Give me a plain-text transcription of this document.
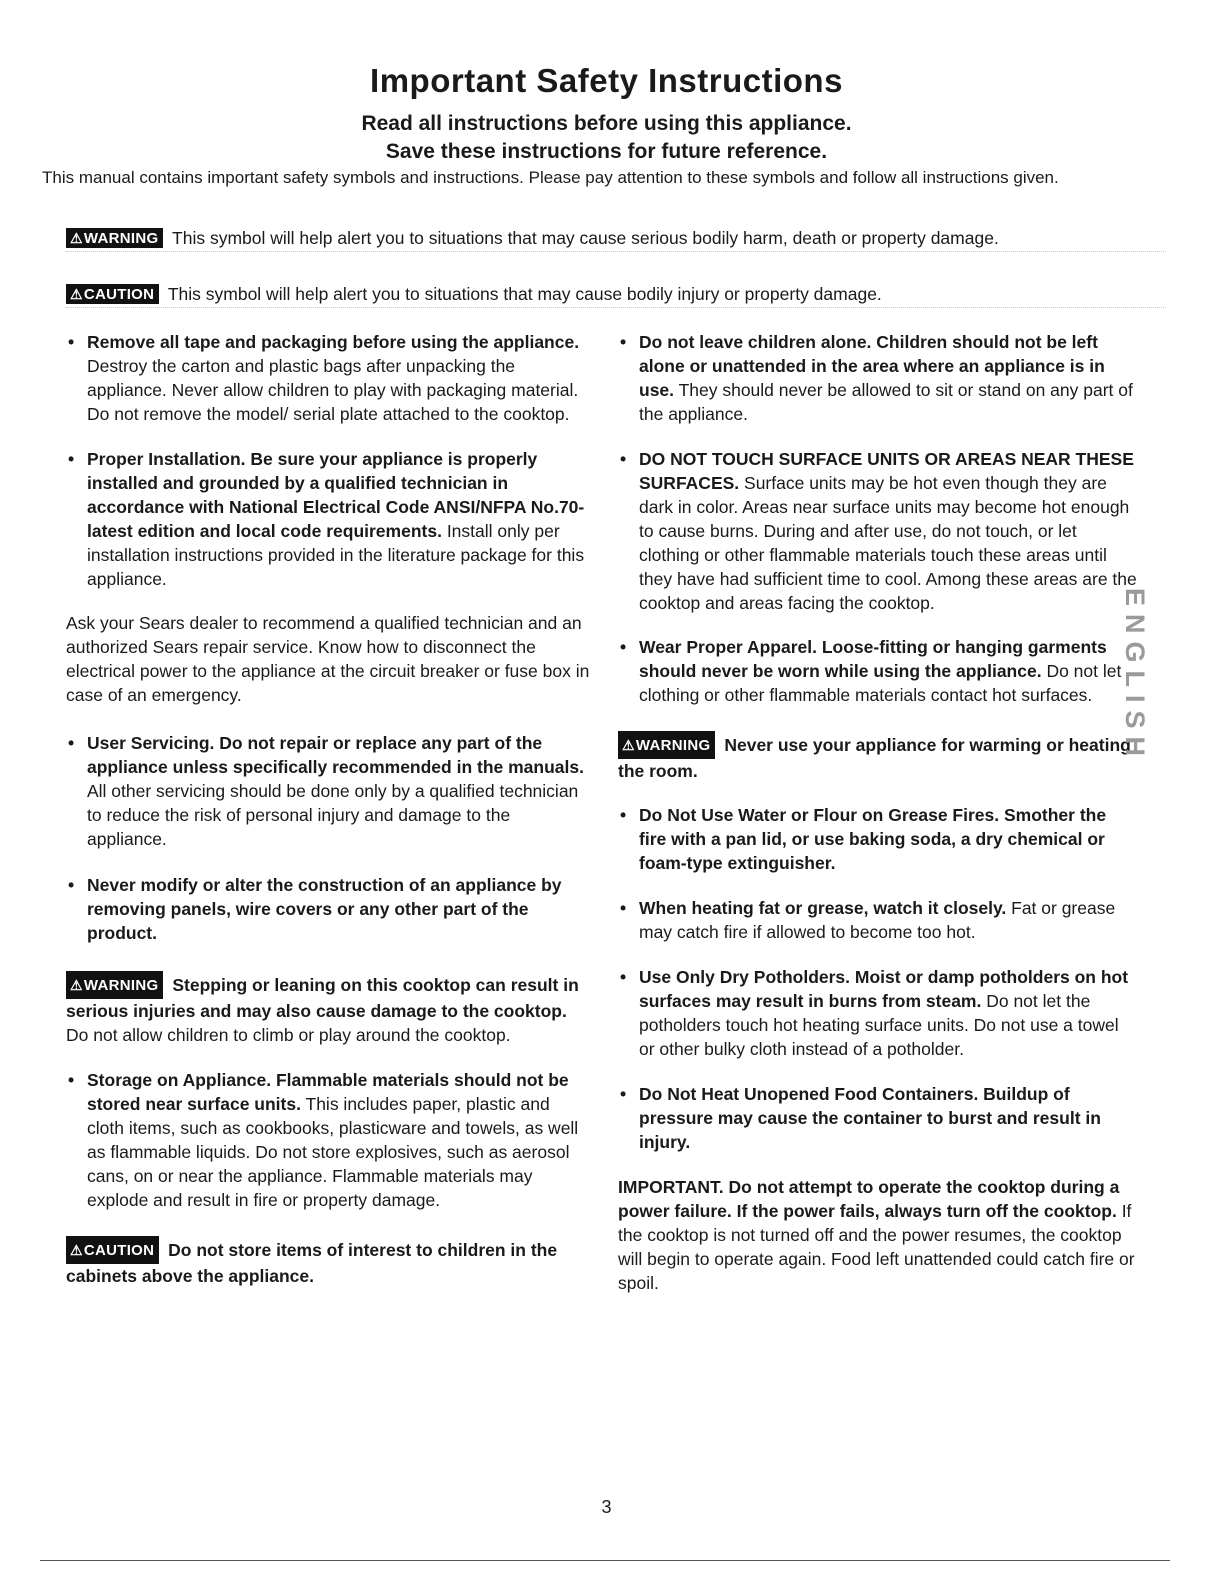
Important Safety Instructions
Read all instructions before using this appliance.
Save these instructions for future reference.
This manual contains important safety symbols and instructions. Please pay attention to these symbols and follow all instructions given.
⚠WARNING This symbol will help alert you to situations that may cause serious bodily harm, death or property damage.
⚠CAUTION This symbol will help alert you to situations that may cause bodily injury or property damage.

• Remove all tape and packaging before using the appliance. Destroy the carton and plastic bags after unpacking the appliance. Never allow children to play with packaging material. Do not remove the model/ serial plate attached to the cooktop.

• Proper Installation. Be sure your appliance is properly installed and grounded by a qualified technician in accordance with National Electrical Code ANSI/NFPA No.70-latest edition and local code requirements. Install only per installation instructions provided in the literature package for this appliance.

Ask your Sears dealer to recommend a qualified technician and an authorized Sears repair service. Know how to disconnect the electrical power to the appliance at the circuit breaker or fuse box in case of an emergency.

• User Servicing. Do not repair or replace any part of the appliance unless specifically recommended in the manuals. All other servicing should be done only by a qualified technician to reduce the risk of personal injury and damage to the appliance.

• Never modify or alter the construction of an appliance by removing panels, wire covers or any other part of the product.

⚠WARNING Stepping or leaning on this cooktop can result in serious injuries and may also cause damage to the cooktop. Do not allow children to climb or play around the cooktop.

• Storage on Appliance. Flammable materials should not be stored near surface units. This includes paper, plastic and cloth items, such as cookbooks, plasticware and towels, as well as flammable liquids. Do not store explosives, such as aerosol cans, on or near the appliance. Flammable materials may explode and result in fire or property damage.

⚠CAUTION Do not store items of interest to children in the cabinets above the appliance.

• Do not leave children alone. Children should not be left alone or unattended in the area where an appliance is in use. They should never be allowed to sit or stand on any part of the appliance.

• DO NOT TOUCH SURFACE UNITS OR AREAS NEAR THESE SURFACES. Surface units may be hot even though they are dark in color. Areas near surface units may become hot enough to cause burns. During and after use, do not touch, or let clothing or other flammable materials touch these areas until they have had sufficient time to cool. Among these areas are the cooktop and areas facing the cooktop.

• Wear Proper Apparel. Loose-fitting or hanging garments should never be worn while using the appliance. Do not let clothing or other flammable materials contact hot surfaces.

⚠WARNING Never use your appliance for warming or heating the room.

• Do Not Use Water or Flour on Grease Fires. Smother the fire with a pan lid, or use baking soda, a dry chemical or foam-type extinguisher.

• When heating fat or grease, watch it closely. Fat or grease may catch fire if allowed to become too hot.

• Use Only Dry Potholders. Moist or damp potholders on hot surfaces may result in burns from steam. Do not let the potholders touch hot heating surface units. Do not use a towel or other bulky cloth instead of a potholder.

• Do Not Heat Unopened Food Containers. Buildup of pressure may cause the container to burst and result in injury.

IMPORTANT. Do not attempt to operate the cooktop during a power failure. If the power fails, always turn off the cooktop. If the cooktop is not turned off and the power resumes, the cooktop will begin to operate again. Food left unattended could catch fire or spoil.

ENGLISH
3
